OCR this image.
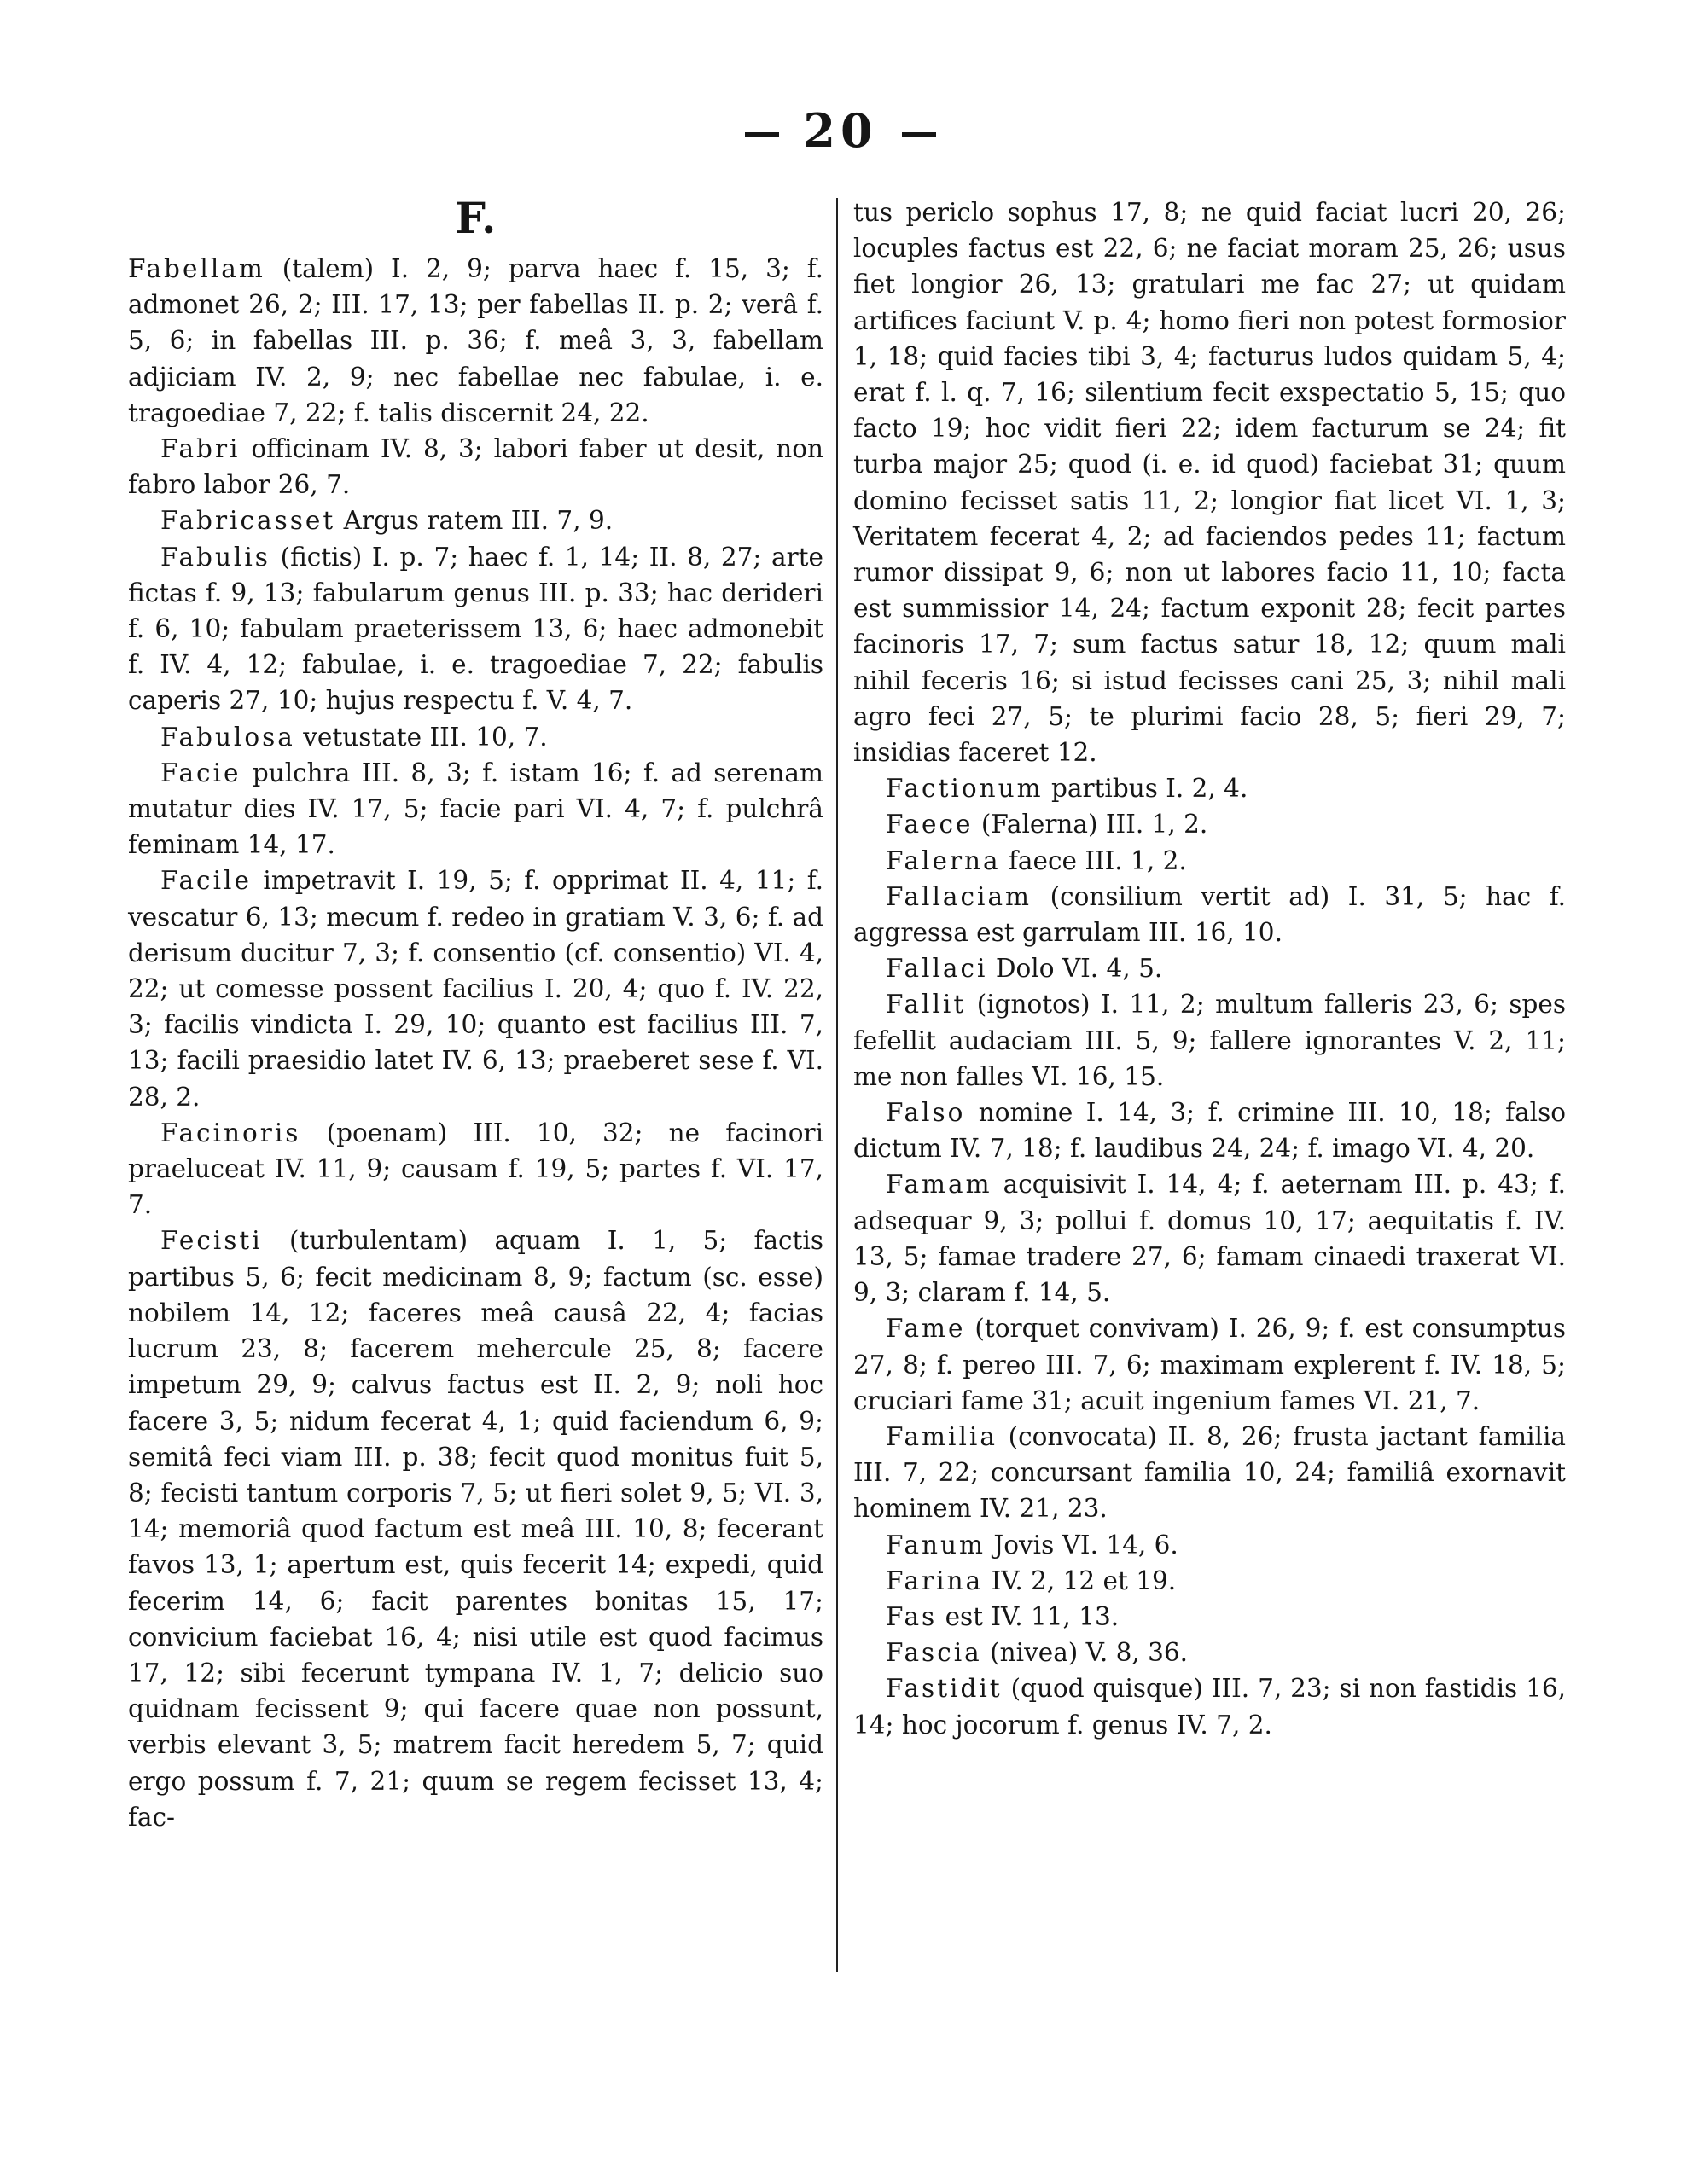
20
F.

Fabellam (talem) I. 2, 9; parva haec f. 15, 3; f. admonet 26, 2; III. 17, 13; per fabellas II. p. 2; verâ f. 5, 6; in fabellas III. p. 36; f. meâ 3, 3, fabellam adjiciam IV. 2, 9; nec fabellae nec fabulae, i. e. tragoediae 7, 22; f. talis discernit 24, 22.

Fabri officinam IV. 8, 3; labori faber ut desit, non fabro labor 26, 7.

Fabricasset Argus ratem III. 7, 9.

Fabulis (fictis) I. p. 7; haec f. 1, 14; II. 8, 27; arte fictas f. 9, 13; fabularum genus III. p. 33; hac derideri f. 6, 10; fabulam praeterissem 13, 6; haec admonebit f. IV. 4, 12; fabulae, i. e. tragoediae 7, 22; fabulis caperis 27, 10; hujus respectu f. V. 4, 7.

Fabulosa vetustate III. 10, 7.

Facie pulchra III. 8, 3; f. istam 16; f. ad serenam mutatur dies IV. 17, 5; facie pari VI. 4, 7; f. pulchrâ feminam 14, 17.

Facile impetravit I. 19, 5; f. opprimat II. 4, 11; f. vescatur 6, 13; mecum f. redeo in gratiam V. 3, 6; f. ad derisum ducitur 7, 3; f. consentio (cf. consentio) VI. 4, 22; ut comesse possent facilius I. 20, 4; quo f. IV. 22, 3; facilis vindicta I. 29, 10; quanto est facilius III. 7, 13; facili praesidio latet IV. 6, 13; praeberet sese f. VI. 28, 2.

Facinoris (poenam) III. 10, 32; ne facinori praeluceat IV. 11, 9; causam f. 19, 5; partes f. VI. 17, 7.

Fecisti (turbulentam) aquam I. 1, 5; factis partibus 5, 6; fecit medicinam 8, 9; factum (sc. esse) nobilem 14, 12; faceres meâ causâ 22, 4; facias lucrum 23, 8; facerem mehercule 25, 8; facere impetum 29, 9; calvus factus est II. 2, 9; noli hoc facere 3, 5; nidum fecerat 4, 1; quid faciendum 6, 9; semitâ feci viam III. p. 38; fecit quod monitus fuit 5, 8; fecisti tantum corporis 7, 5; ut fieri solet 9, 5; VI. 3, 14; memoriâ quod factum est meâ III. 10, 8; fecerant favos 13, 1; apertum est, quis fecerit 14; expedi, quid fecerim 14, 6; facit parentes bonitas 15, 17; convicium faciebat 16, 4; nisi utile est quod facimus 17, 12; sibi fecerunt tympana IV. 1, 7; delicio suo quidnam fecissent 9; qui facere quae non possunt, verbis elevant 3, 5; matrem facit heredem 5, 7; quid ergo possum f. 7, 21; quum se regem fecisset 13, 4; fac-

tus periclo sophus 17, 8; ne quid faciat lucri 20, 26; locuples factus est 22, 6; ne faciat moram 25, 26; usus fiet longior 26, 13; gratulari me fac 27; ut quidam artifices faciunt V. p. 4; homo fieri non potest formosior 1, 18; quid facies tibi 3, 4; facturus ludos quidam 5, 4; erat f. l. q. 7, 16; silentium fecit exspectatio 5, 15; quo facto 19; hoc vidit fieri 22; idem facturum se 24; fit turba major 25; quod (i. e. id quod) faciebat 31; quum domino fecisset satis 11, 2; longior fiat licet VI. 1, 3; Veritatem fecerat 4, 2; ad faciendos pedes 11; factum rumor dissipat 9, 6; non ut labores facio 11, 10; facta est summissior 14, 24; factum exponit 28; fecit partes facinoris 17, 7; sum factus satur 18, 12; quum mali nihil feceris 16; si istud fecisses cani 25, 3; nihil mali agro feci 27, 5; te plurimi facio 28, 5; fieri 29, 7; insidias faceret 12.

Factionum partibus I. 2, 4.

Faece (Falerna) III. 1, 2.

Falerna faece III. 1, 2.

Fallaciam (consilium vertit ad) I. 31, 5; hac f. aggressa est garrulam III. 16, 10.

Fallaci Dolo VI. 4, 5.

Fallit (ignotos) I. 11, 2; multum falleris 23, 6; spes fefellit audaciam III. 5, 9; fallere ignorantes V. 2, 11; me non falles VI. 16, 15.

Falso nomine I. 14, 3; f. crimine III. 10, 18; falso dictum IV. 7, 18; f. laudibus 24, 24; f. imago VI. 4, 20.

Famam acquisivit I. 14, 4; f. aeternam III. p. 43; f. adsequar 9, 3; pollui f. domus 10, 17; aequitatis f. IV. 13, 5; famae tradere 27, 6; famam cinaedi traxerat VI. 9, 3; claram f. 14, 5.

Fame (torquet convivam) I. 26, 9; f. est consumptus 27, 8; f. pereo III. 7, 6; maximam explerent f. IV. 18, 5; cruciari fame 31; acuit ingenium fames VI. 21, 7.

Familia (convocata) II. 8, 26; frusta jactant familia III. 7, 22; concursant familia 10, 24; familiâ exornavit hominem IV. 21, 23.

Fanum Jovis VI. 14, 6.

Farina IV. 2, 12 et 19.

Fas est IV. 11, 13.

Fascia (nivea) V. 8, 36.

Fastidit (quod quisque) III. 7, 23; si non fastidis 16, 14; hoc jocorum f. genus IV. 7, 2.
